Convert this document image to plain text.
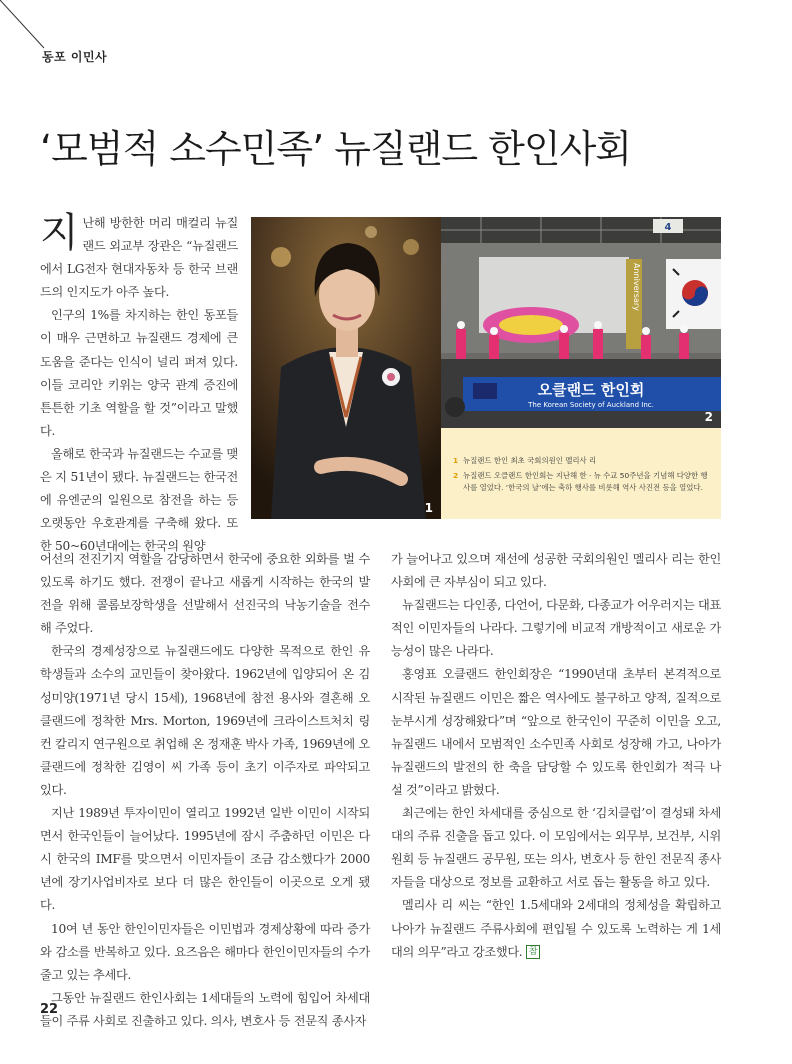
동포 이민사
‘모범적 소수민족’ 뉴질랜드 한인사회

지난해 방한한 머리 매컬리 뉴질랜드 외교부 장관은 “뉴질랜드에서 LG전자 현대자동차 등 한국 브랜드의 인지도가 아주 높다.

인구의 1%를 차지하는 한인 동포들이 매우 근면하고 뉴질랜드 경제에 큰 도움을 준다는 인식이 널리 퍼져 있다. 이들 코리안 키위는 양국 관계 증진에 튼튼한 기초 역할을 할 것”이라고 말했다.

올해로 한국과 뉴질랜드는 수교를 맺은 지 51년이 됐다. 뉴질랜드는 한국전에 유엔군의 일원으로 참전을 하는 등 오랫동안 우호관계를 구축해 왔다. 또한 50~60년대에는 한국의 원양

1
4
Anniversary
오클랜드 한인회
The Korean Society of Auckland Inc.
2
1 뉴질랜드 한인 최초 국회의원인 멜리사 리
2 뉴질랜드 오클랜드 한인회는 지난해 한 · 뉴 수교 50주년을 기념해 다양한 행사를 열었다. ‘한국의 날’에는 축하 행사를 비롯해 역사 사진전 등을 열었다.

어선의 전진기지 역할을 감당하면서 한국에 중요한 외화를 벌 수 있도록 하기도 했다. 전쟁이 끝나고 새롭게 시작하는 한국의 발전을 위해 콜롬보장학생을 선발해서 선진국의 낙농기술을 전수해 주었다.

한국의 경제성장으로 뉴질랜드에도 다양한 목적으로 한인 유학생들과 소수의 교민들이 찾아왔다. 1962년에 입양되어 온 김성미양(1971년 당시 15세), 1968년에 참전 용사와 결혼해 오클랜드에 정착한 Mrs. Morton, 1969년에 크라이스트처치 링컨 칼리지 연구원으로 취업해 온 정재훈 박사 가족, 1969년에 오클랜드에 정착한 김영이 씨 가족 등이 초기 이주자로 파악되고 있다.

지난 1989년 투자이민이 열리고 1992년 일반 이민이 시작되면서 한국인들이 늘어났다. 1995년에 잠시 주춤하던 이민은 다시 한국의 IMF를 맞으면서 이민자들이 조금 감소했다가 2000년에 장기사업비자로 보다 더 많은 한인들이 이곳으로 오게 됐다.

10여 년 동안 한인이민자들은 이민법과 경제상황에 따라 증가와 감소를 반복하고 있다. 요즈음은 해마다 한인이민자들의 수가 줄고 있는 추세다.

그동안 뉴질랜드 한인사회는 1세대들의 노력에 힘입어 차세대들이 주류 사회로 진출하고 있다. 의사, 변호사 등 전문직 종사자

가 늘어나고 있으며 재선에 성공한 국회의원인 멜리사 리는 한인사회에 큰 자부심이 되고 있다.

뉴질랜드는 다인종, 다언어, 다문화, 다종교가 어우러지는 대표적인 이민자들의 나라다. 그렇기에 비교적 개방적이고 새로운 가능성이 많은 나라다.

홍영표 오클랜드 한인회장은 “1990년대 초부터 본격적으로 시작된 뉴질랜드 이민은 짧은 역사에도 불구하고 양적, 질적으로 눈부시게 성장해왔다”며 “앞으로 한국인이 꾸준히 이민을 오고, 뉴질랜드 내에서 모범적인 소수민족 사회로 성장해 가고, 나아가 뉴질랜드의 발전의 한 축을 담당할 수 있도록 한인회가 적극 나설 것”이라고 밝혔다.

최근에는 한인 차세대를 중심으로 한 ‘김치클럽’이 결성돼 차세대의 주류 진출을 돕고 있다. 이 모임에서는 외무부, 보건부, 시위원회 등 뉴질랜드 공무원, 또는 의사, 변호사 등 한인 전문직 종사자들을 대상으로 정보를 교환하고 서로 돕는 활동을 하고 있다.

멜리사 리 씨는 “한인 1.5세대와 2세대의 정체성을 확립하고 나아가 뉴질랜드 주류사회에 편입될 수 있도록 노력하는 게 1세대의 의무”라고 강조했다. 참

22
